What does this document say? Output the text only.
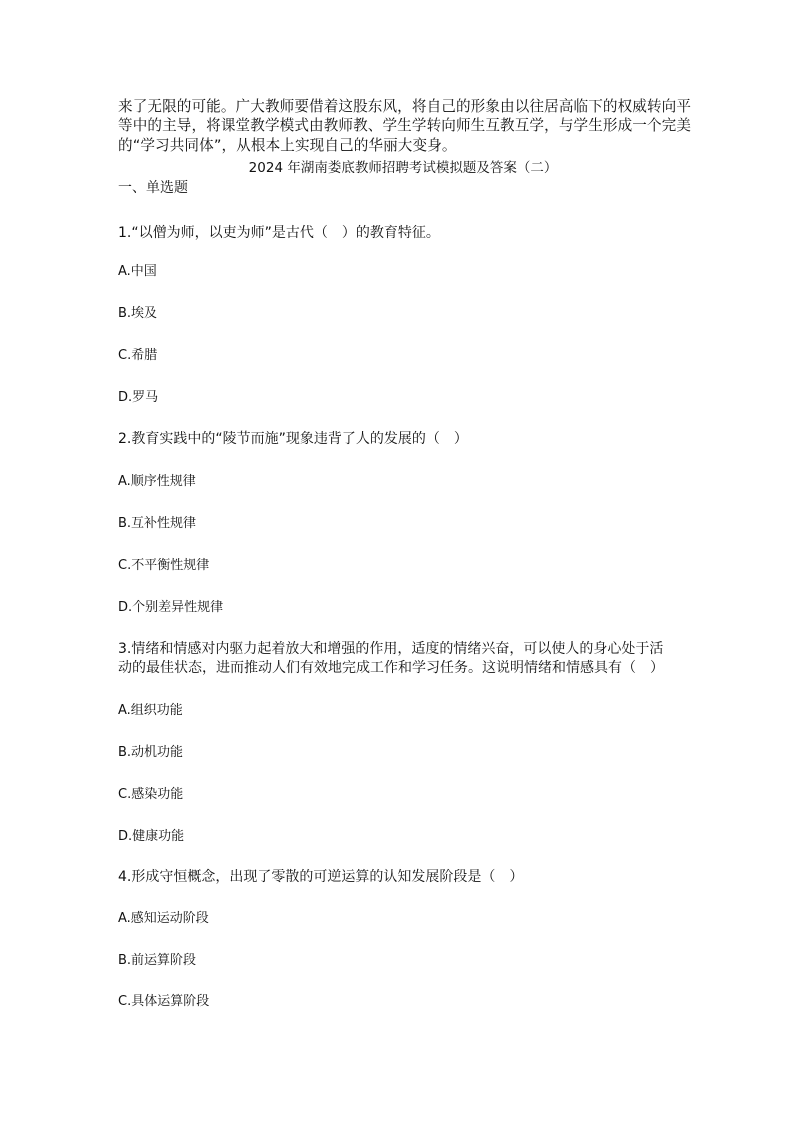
来了无限的可能。广大教师要借着这股东风，将自己的形象由以往居高临下的权威转向平
等中的主导，将课堂教学模式由教师教、学生学转向师生互教互学，与学生形成一个完美
的“学习共同体”，从根本上实现自己的华丽大变身。
2024 年湖南娄底教师招聘考试模拟题及答案（二）
一、单选题
1.“以僧为师，以吏为师”是古代（　）的教育特征。
A.中国
B.埃及
C.希腊
D.罗马
2.教育实践中的“陵节而施”现象违背了人的发展的（　）
A.顺序性规律
B.互补性规律
C.不平衡性规律
D.个别差异性规律
3.情绪和情感对内驱力起着放大和增强的作用，适度的情绪兴奋，可以使人的身心处于活
动的最佳状态，进而推动人们有效地完成工作和学习任务。这说明情绪和情感具有（　）
A.组织功能
B.动机功能
C.感染功能
D.健康功能
4.形成守恒概念，出现了零散的可逆运算的认知发展阶段是（　）
A.感知运动阶段
B.前运算阶段
C.具体运算阶段
